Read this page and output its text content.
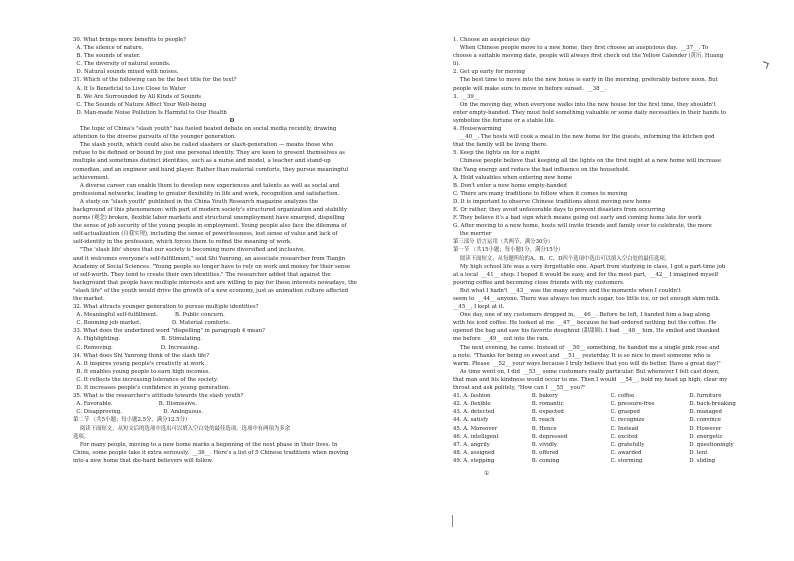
30. What brings more benefits to people?
A. The silence of nature.
B. The sounds of water.
C. The diversity of natural sounds.
D. Natural sounds mixed with noises.
31. Which of the following can be the best title for the text?
A. It Is Beneficial to Live Close to Water
B. We Are Surrounded by All Kinds of Sounds
C. The Sounds of Nature Affect Your Well-being
D. Man-made Noise Pollution Is Harmful to Our Health
D
The topic of China's "slash youth" has fueled heated debate on social media recently, drawing
attention to the diverse pursuits of the younger generation.
The slash youth, which could also be called slashers or slash-generation — means those who
refuse to be defined or bound by just one personal identity. They are keen to present themselves as
multiple and sometimes distinct identities, such as a nurse and model, a teacher and stand-up
comedian, and an engineer and band player. Rather than material comforts, they pursue meaningful
achievement.
A diverse career can enable them to develop new experiences and talents as well as social and
professional networks, leading to greater flexibility in life and work, recognition and satisfaction.
A study on "slash youth" published in the China Youth Research magazine analyzes the
background of this phenomenon: with part of modern society's structured organization and stability
norms (观念) broken, flexible labor markets and structural unemployment have emerged, dispelling
the sense of job security of the young people in employment. Young people also face the dilemma of
self-actualization (自我实现), including the sense of powerlessness, lost sense of value and lack of
self-identity in the profession, which forces them to refind the meaning of work.
"The 'slash life' shows that our society is becoming more diversified and inclusive,
and it welcomes everyone's self-fulfillment," said Shi Yanrong, an associate researcher from Tianjin
Academy of Social Sciences. "Young people no longer have to rely on work and money for their sense
of self-worth. They tend to create their own identities." The researcher added that against the
background that people have multiple interests and are willing to pay for these interests nowadays, the
"slash life" of the youth would drive the growth of a new economy, just as animation culture affected
the market.
32. What attracts younger generation to pursue multiple identities?
A. Meaningful self-fulfillment.          B. Public concern.
C. Booming job market.                  D. Material comforts.
33. What does the underlined word "dispelling" in paragraph 4 mean?
A. Highlighting.                        B. Stimulating.
C. Removing.                            D. Increasing.
34. What does Shi Yanrong think of the slash life?
A. It inspires young people's creativity at work.
B. It enables young people to earn high incomes.
C. It reflects the increasing tolerance of the society.
D. It increases people's confidence in young generation.
35. What is the researcher's attitude towards the slash youth?
A. Favorable.                           B. Dismissive.
C. Disapproving.                        D. Ambiguous.
第二节 （共5小题；每小题2.5分，满分12.5分）
阅读下面短文，从短文后的选项中选出可以填入空白处的最佳选项。选项中有两项为多余
选项。
For many people, moving to a new home marks a beginning of the next phase in their lives. In
China, some people take it extra seriously.  __36__. Here's a list of 5 Chinese traditions when moving
into a new home that die-hard believers will follow.
1. Choose an auspicious day
When Chinese people move to a new home, they first choose an auspicious day.  __37__. To
choose a suitable moving date, people will always first check out the Yellow Calender (黄历, Huang
li).
2. Get up early for moving
The best time to move into the new house is early in the morning, preferably before noon. But
people will make sure to move in before sunset.  __38__.
3.  __39__
On the moving day, when everyone walks into the new house for the first time, they shouldn't
enter empty-handed. They must hold something valuable or some daily necessities in their hands to
symbolize the fortune or a stable life.
4. Housewarming
__40__. The hosts will cook a meal in the new home for the guests, informing the kitchen god
that the family will be living there.
5. Keep the lights on for a night
Chinese people believe that keeping all the lights on the first night at a new home will increase
the Yang energy and reduce the bad influence on the household.
A. Hold valuables when entering new home
B. Don't enter a new home empty-handed
C. There are many traditions to follow when it comes to moving
D. It is important to observe Chinese traditions about moving new home
E. Or rather, they avoid unfavorable days to prevent disasters from occurring
F. They believe it's a bad sign which means going out early and coming home late for work
G. After moving to a new home, hosts will invite friends and family over to celebrate, the more
the merrier
第三部分 语言运用（共两节，满分30分）
第一节 （共15小题；每小题1分，满分15分）
阅读下面短文，从每题所给的A、B、C、D四个选项中选出可以填入空白处的最佳选项。
My high school life was a very forgettable one. Apart from studying in class, I got a part-time job
at a local  __41__ shop. I hoped it would be easy, and for the most part,  __42__ I imagined myself
pouring coffee and becoming close friends with my customers.
But what I hadn't  __43__ was the many orders and the moments when I couldn't
seem to  __44__ anyone. There was always too much sugar, too little ice, or not enough skim milk.
__45__, I kept at it.
One day, one of my customers dropped in,  __46__. Before he left, I handed him a bag along
with his iced coffee. He looked at me  __47__ because he had ordered nothing but the coffee. He
opened the bag and saw his favorite doughnut (甜甜圈). I had  __48__ him. He smiled and thanked
me before  __49__ out into the rain.
The next evening, he came. Instead of  __50__ something, he handed me a single pink rose and
a note. "Thanks for being so sweet and  __51__ yesterday. It is so nice to meet someone who is
warm. Please  __52__ your ways because I truly believe that you will do better. Have a great day!"
As time went on, I did  __53__ some customers really particular. But whenever I felt cast down,
that man and his kindness would occur to me. Then I would  __54__, bold my head up high, clear my
throat and ask politely, "How can I  __55__ you?"
41. A. fashion	B. bakery	C. coffee	D. furniture
42. A. flexible	B. romantic	C. pressure-free	D. back-breaking
43. A. detected	B. expected	C. grasped	D. managed
44. A. satisfy	B. reach	C. recognize	D. convince
45. A. Moreover	B. Hence	C. Instead	D. However
46. A. intelligent	B. depressed	C. excited	D. energetic
47. A. angrily	B. vividly	C. gratefully	D. questioningly
48. A. assigned	B. offered	C. awarded	D. lent
49. A. stepping	B. coming	C. storming	D. sliding
①
